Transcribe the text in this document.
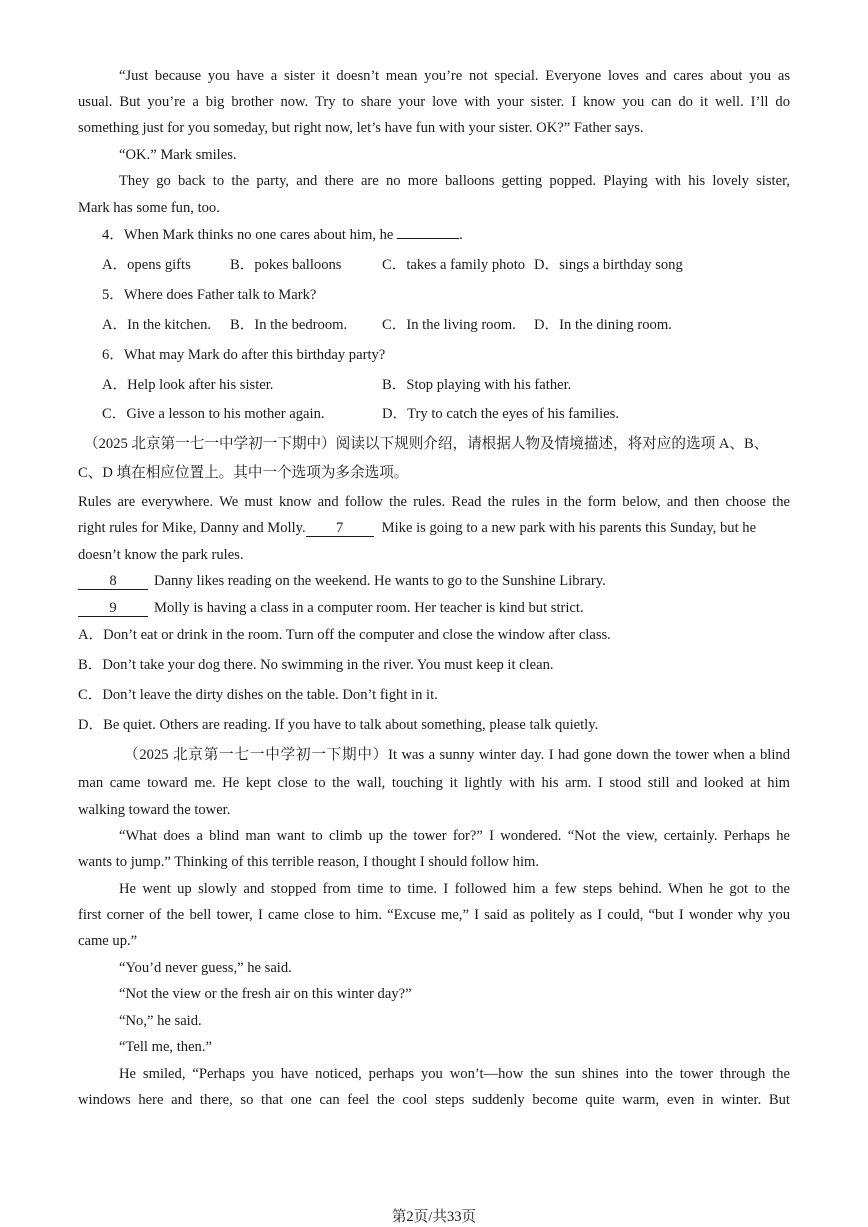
“Just because you have a sister it doesn’t mean you’re not special. Everyone loves and cares about you as
usual. But you’re a big brother now. Try to share your love with your sister. I know you can do it well. I’ll do
something just for you someday, but right now, let’s have fun with your sister. OK?” Father says.
“OK.” Mark smiles.
They go back to the party, and there are no more balloons getting popped. Playing with his lovely sister,
Mark has some fun, too.
4．When Mark thinks no one cares about him, he	.
A．opens gifts	B．pokes balloons	C．takes a family photo D．sings a birthday song
5．Where does Father talk to Mark?
A．In the kitchen. B．In the bedroom. C．In the living room. D．In the dining room.
6．What may Mark do after this birthday party?
A．Help look after his sister.	B．Stop playing with his father.
C．Give a lesson to his mother again.	D．Try to catch the eyes of his families.
（2025 北京第一七一中学初一下期中）阅读以下规则介绍，请根据人物及情境描述，将对应的选项 A、B、
C、D 填在相应位置上。其中一个选项为多余选项。
Rules are everywhere. We must know and follow the rules. Read the rules in the form below, and then choose the
right rules for Mike, Danny and Molly. 7	Mike is going to a new park with his parents this Sunday, but he
doesn’t know the park rules.
8	Danny likes reading on the weekend. He wants to go to the Sunshine Library.
9	Molly is having a class in a computer room. Her teacher is kind but strict.
A．Don’t eat or drink in the room. Turn off the computer and close the window after class.
B．Don’t take your dog there. No swimming in the river. You must keep it clean.
C．Don’t leave the dirty dishes on the table. Don’t fight in it.
D．Be quiet. Others are reading. If you have to talk about something, please talk quietly.
（2025 北京第一七一中学初一下期中）It was a sunny winter day. I had gone down the tower when a blind
man came toward me. He kept close to the wall, touching it lightly with his arm. I stood still and looked at him
walking toward the tower.
“What does a blind man want to climb up the tower for?” I wondered. “Not the view, certainly. Perhaps he
wants to jump.” Thinking of this terrible reason, I thought I should follow him.
He went up slowly and stopped from time to time. I followed him a few steps behind. When he got to the
first corner of the bell tower, I came close to him. “Excuse me,” I said as politely as I could, “but I wonder why you
came up.”
“You’d never guess,” he said.
“Not the view or the fresh air on this winter day?”
“No,” he said.
“Tell me, then.”
He smiled, “Perhaps you have noticed, perhaps you won’t—how the sun shines into the tower through the
windows here and there, so that one can feel the cool steps suddenly become quite warm, even in winter. But
第2页/共33页
